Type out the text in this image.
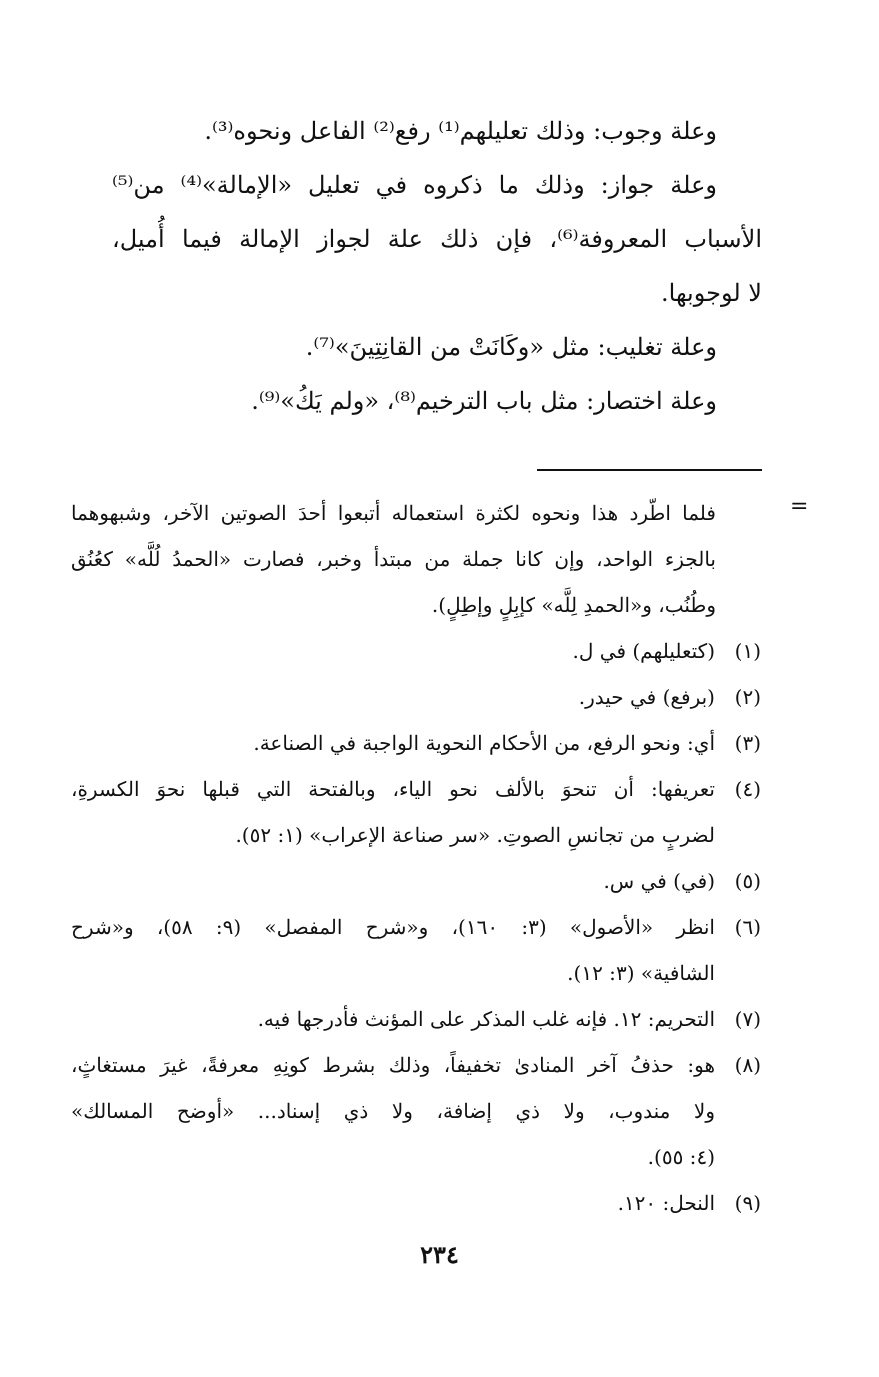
وعلة وجوب: وذلك تعليلهم⁽¹⁾ رفع⁽²⁾ الفاعل ونحوه⁽³⁾.
وعلة جواز: وذلك ما ذكروه في تعليل «الإمالة»⁽⁴⁾ من⁽⁵⁾
الأسباب المعروفة⁽⁶⁾، فإن ذلك علة لجواز الإمالة فيما أُميل،
لا لوجوبها.
وعلة تغليب: مثل «وكَانَتْ من القانِتِينَ»⁽⁷⁾.
وعلة اختصار: مثل باب الترخيم⁽⁸⁾، «ولم يَكُ»⁽⁹⁾.
=
فلما اطّرد هذا ونحوه لكثرة استعماله أتبعوا أحدَ الصوتين الآخر، وشبهوهما
بالجزء الواحد، وإن كانا جملة من مبتدأ وخبر، فصارت «الحمدُ لُلَّه» كعُنُق
وطُنُب، و«الحمدِ لِلَّه» كإبِلٍ وإطِلٍ).
(١)
(كتعليلهم) في ل.
(٢)
(برفع) في حيدر.
(٣)
أي: ونحو الرفع، من الأحكام النحوية الواجبة في الصناعة.
(٤)
تعريفها: أن تنحوَ بالألف نحو الياء، وبالفتحة التي قبلها نحوَ الكسرةِ،
لضربٍ من تجانسِ الصوتِ. «سر صناعة الإعراب» (١: ٥٢).
(٥)
(في) في س.
(٦)
انظر «الأصول» (٣: ١٦٠)، و«شرح المفصل» (٩: ٥٨)، و«شرح
الشافية» (٣: ١٢).
(٧)
التحريم: ١٢. فإنه غلب المذكر على المؤنث فأدرجها فيه.
(٨)
هو: حذفُ آخر المنادىٰ تخفيفاً، وذلك بشرط كونِهِ معرفةً، غيرَ مستغاثٍ،
ولا مندوب، ولا ذي إضافة، ولا ذي إسناد... «أوضح المسالك»
(٤: ٥٥).
(٩)
النحل: ١٢٠.
٢٣٤
